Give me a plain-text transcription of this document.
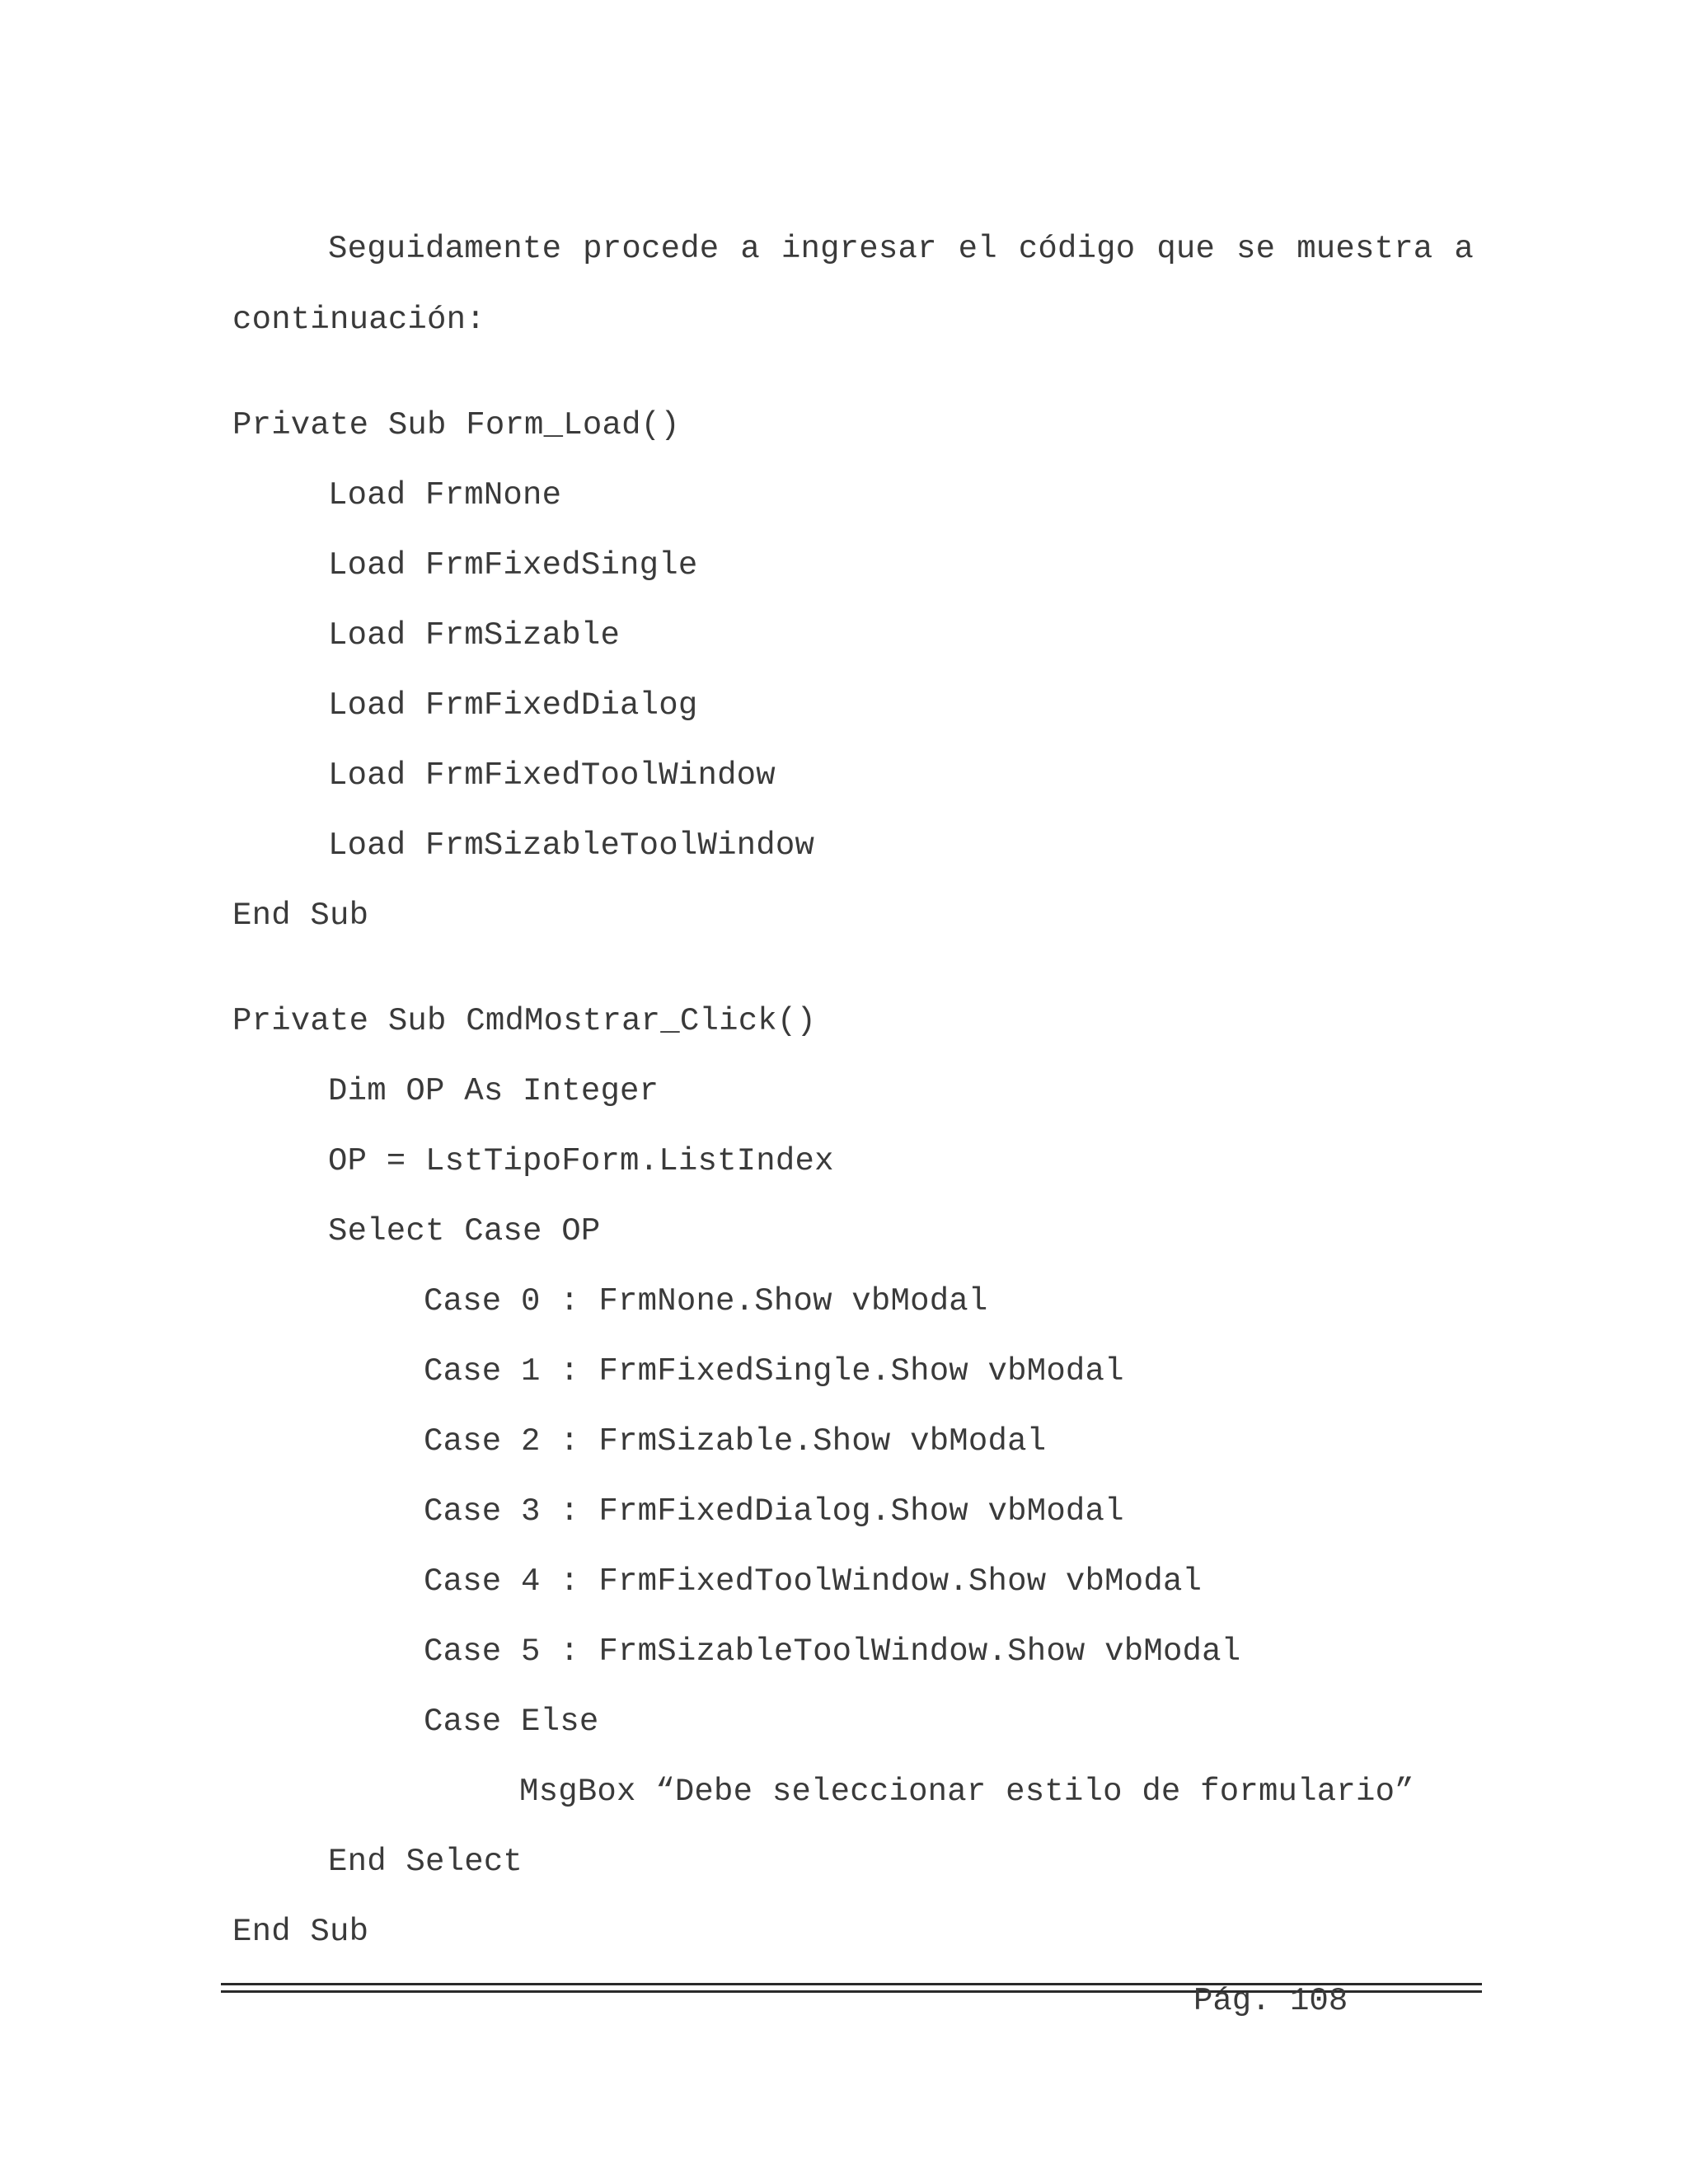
Seguidamente procede a ingresar el código que se muestra a
continuación:
Private Sub Form_Load()
Load FrmNone
Load FrmFixedSingle
Load FrmSizable
Load FrmFixedDialog
Load FrmFixedToolWindow
Load FrmSizableToolWindow
End Sub
Private Sub CmdMostrar_Click()
Dim OP As Integer
OP = LstTipoForm.ListIndex
Select Case OP
Case 0 : FrmNone.Show vbModal
Case 1 : FrmFixedSingle.Show vbModal
Case 2 : FrmSizable.Show vbModal
Case 3 : FrmFixedDialog.Show vbModal
Case 4 : FrmFixedToolWindow.Show vbModal
Case 5 : FrmSizableToolWindow.Show vbModal
Case Else
MsgBox “Debe seleccionar estilo de formulario”
End Select
End Sub
Pág. 108
